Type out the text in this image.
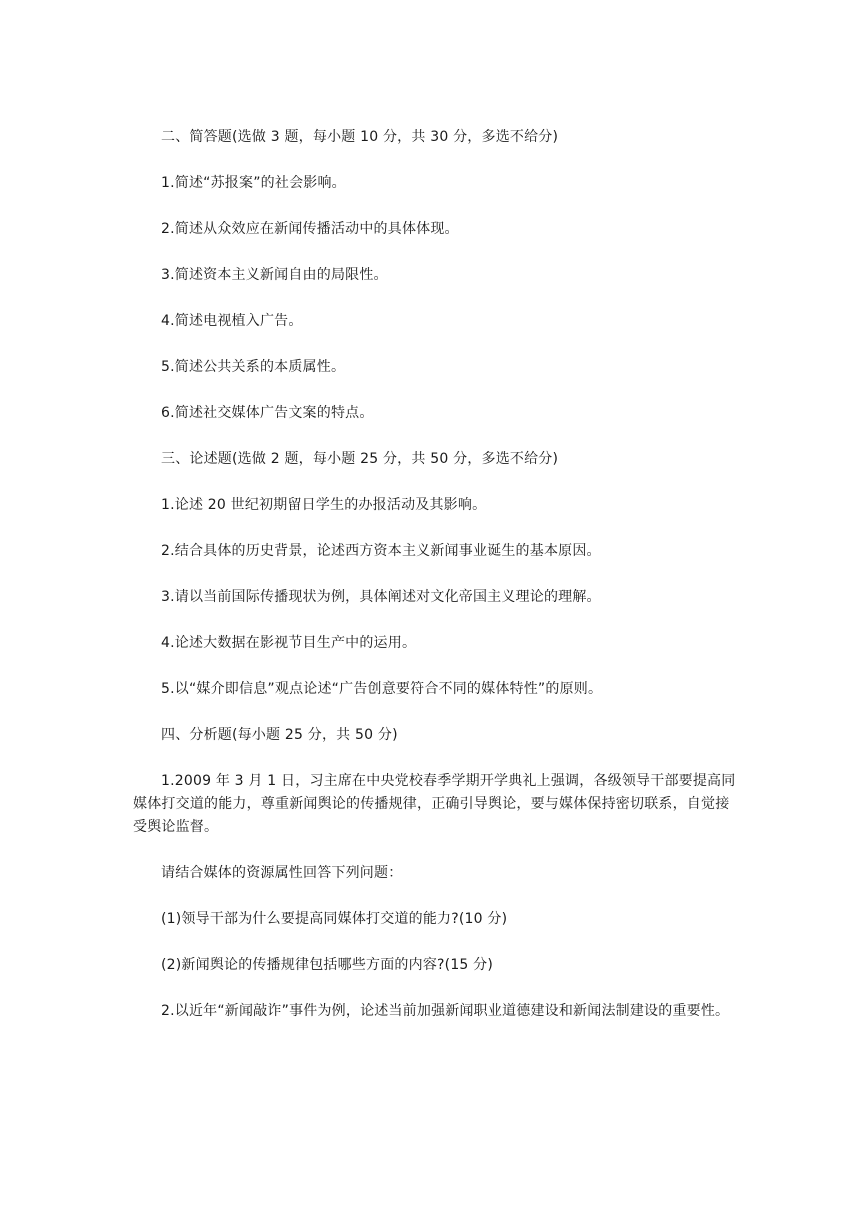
二、简答题(选做 3 题，每小题 10 分，共 30 分，多选不给分)

1.简述“苏报案”的社会影响。

2.简述从众效应在新闻传播活动中的具体体现。

3.简述资本主义新闻自由的局限性。

4.简述电视植入广告。

5.简述公共关系的本质属性。

6.简述社交媒体广告文案的特点。

三、论述题(选做 2 题，每小题 25 分，共 50 分，多选不给分)

1.论述 20 世纪初期留日学生的办报活动及其影响。

2.结合具体的历史背景，论述西方资本主义新闻事业诞生的基本原因。

3.请以当前国际传播现状为例，具体阐述对文化帝国主义理论的理解。

4.论述大数据在影视节目生产中的运用。

5.以“媒介即信息”观点论述“广告创意要符合不同的媒体特性”的原则。

四、分析题(每小题 25 分，共 50 分)

1.2009 年 3 月 1 日，习主席在中央党校春季学期开学典礼上强调，各级领导干部要提高同媒体打交道的能力，尊重新闻舆论的传播规律，正确引导舆论，要与媒体保持密切联系，自觉接受舆论监督。

请结合媒体的资源属性回答下列问题：

(1)领导干部为什么要提高同媒体打交道的能力?(10 分)

(2)新闻舆论的传播规律包括哪些方面的内容?(15 分)

2.以近年“新闻敲诈”事件为例，论述当前加强新闻职业道德建设和新闻法制建设的重要性。
